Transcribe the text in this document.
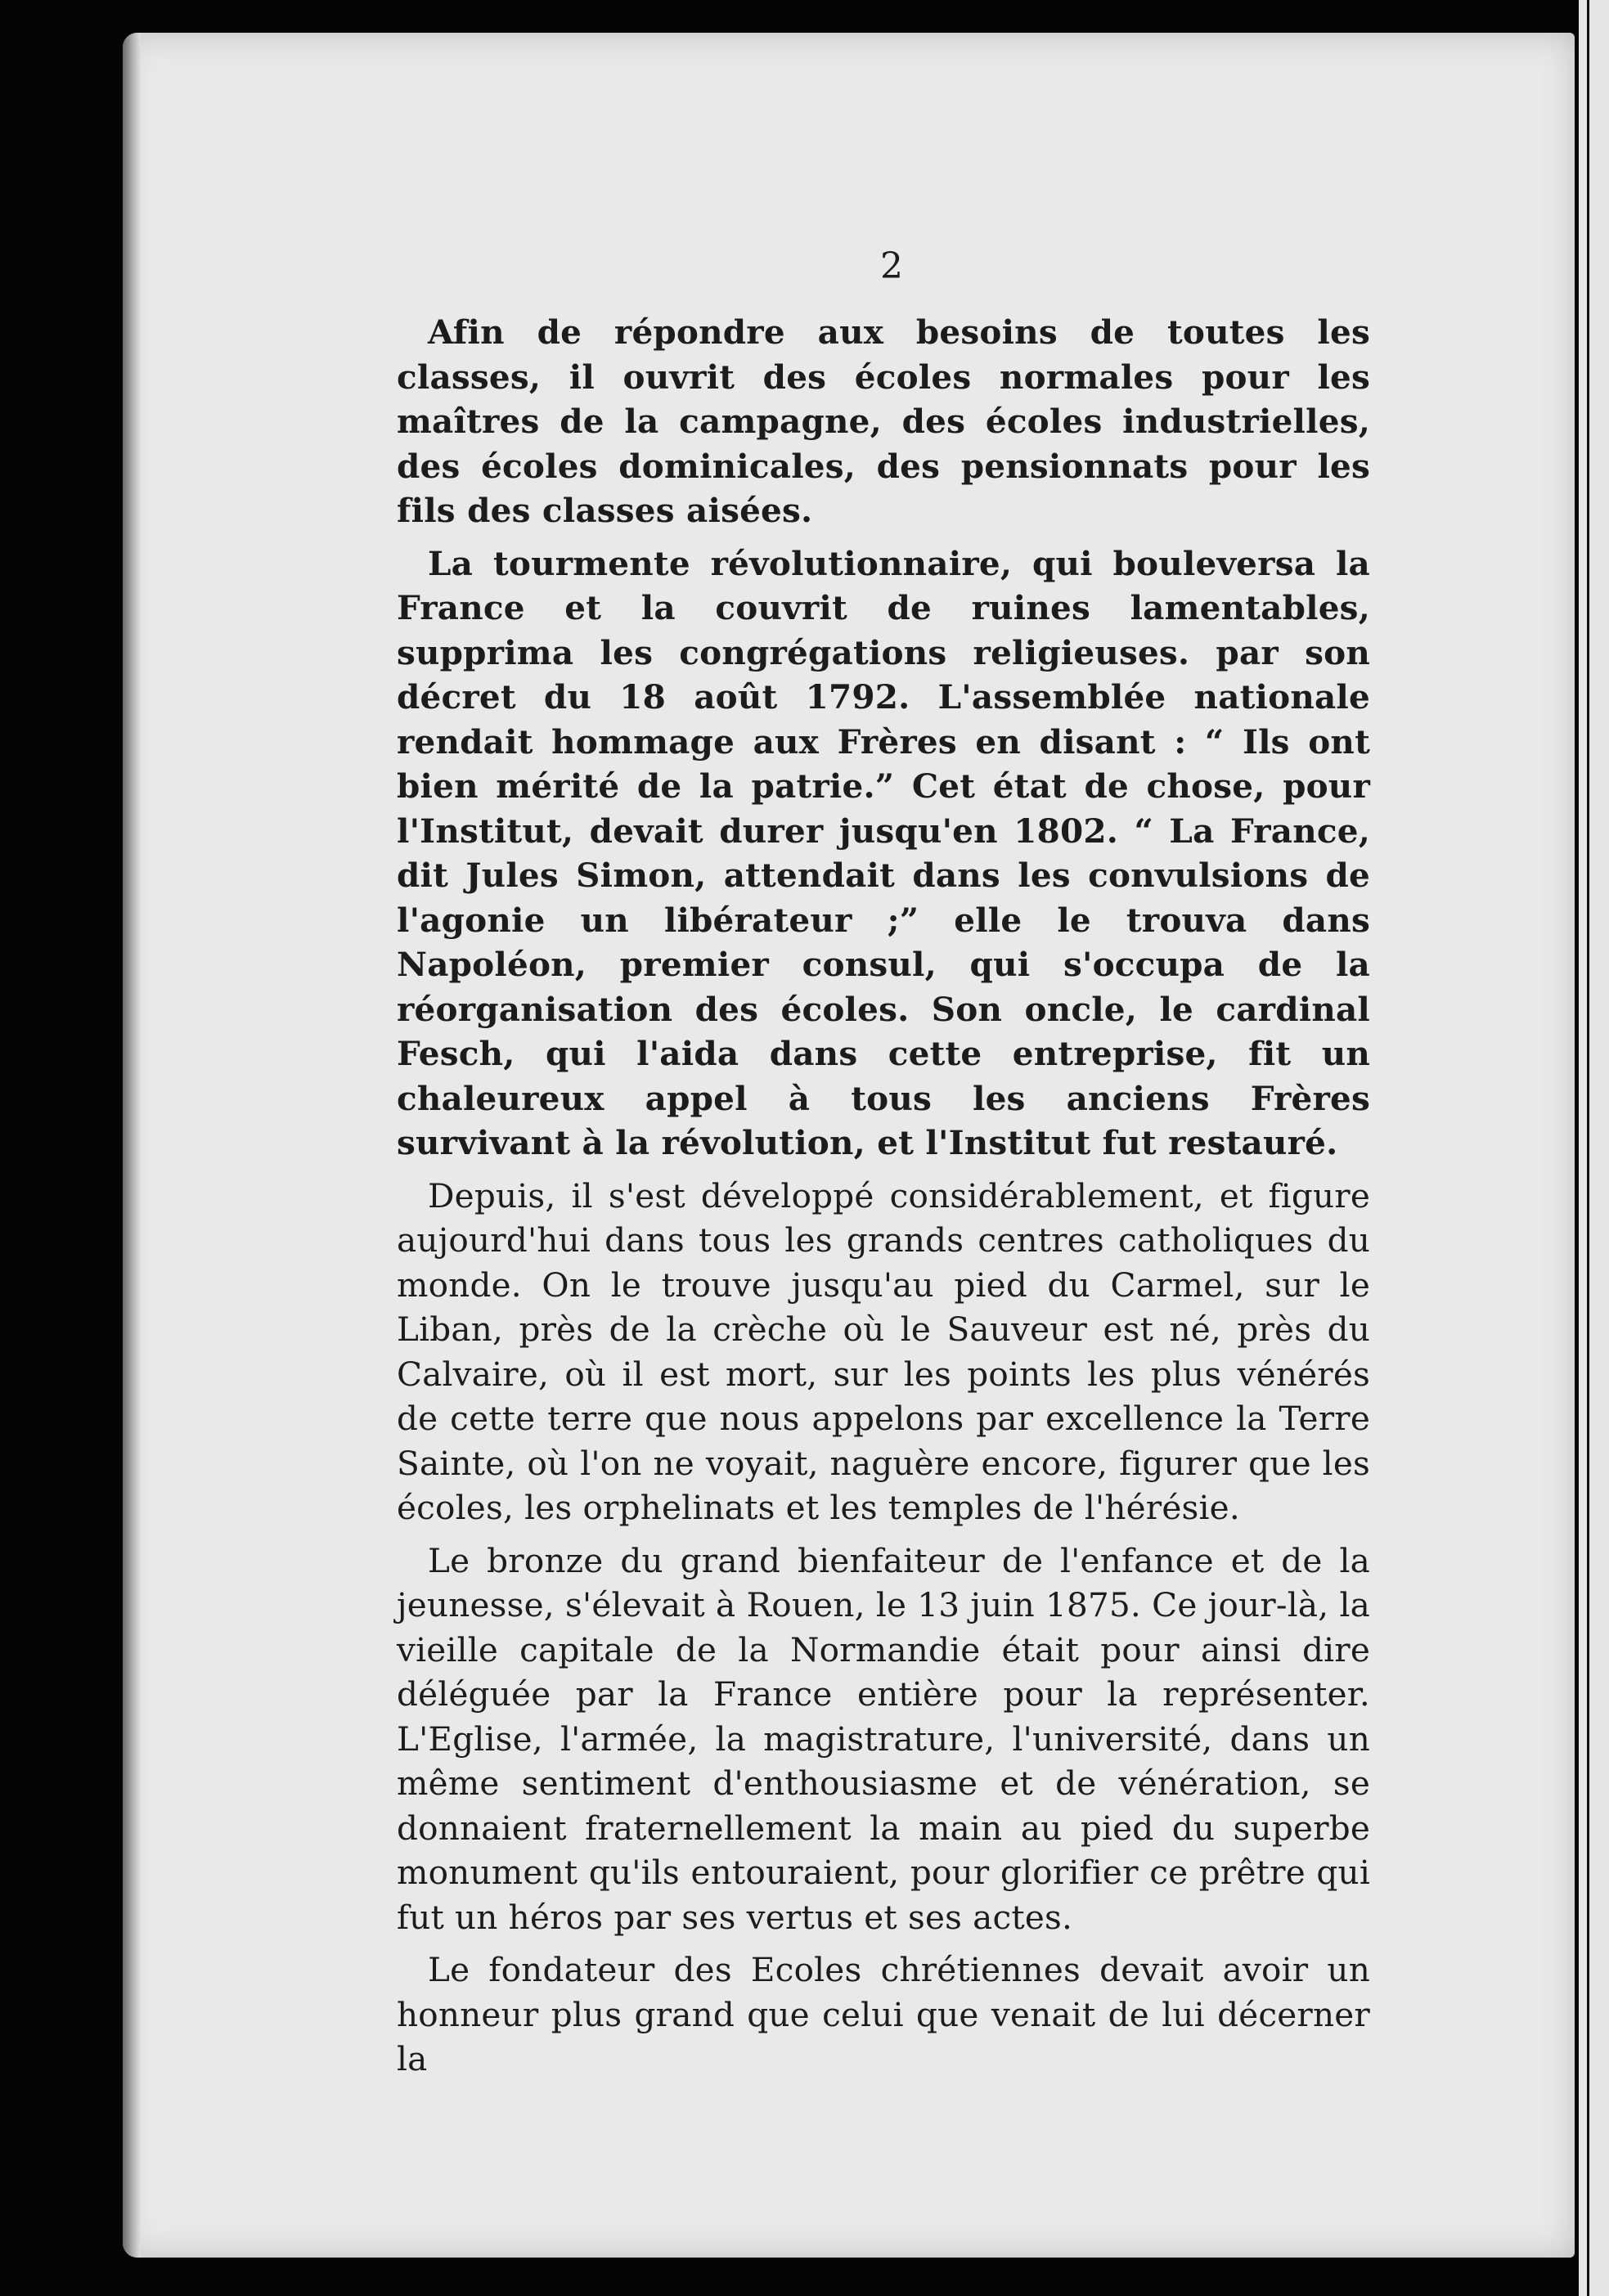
2

Afin de répondre aux besoins de toutes les classes, il ouvrit des écoles normales pour les maîtres de la campagne, des écoles industrielles, des écoles dominicales, des pensionnats pour les fils des classes aisées.

La tourmente révolutionnaire, qui bouleversa la France et la couvrit de ruines lamentables, supprima les congrégations religieuses. par son décret du 18 août 1792. L'assemblée nationale rendait hommage aux Frères en disant : “ Ils ont bien mérité de la patrie.” Cet état de chose, pour l'Institut, devait durer jusqu'en 1802. “ La France, dit Jules Simon, attendait dans les convulsions de l'agonie un libérateur ;” elle le trouva dans Napoléon, premier consul, qui s'occupa de la réorganisation des écoles. Son oncle, le cardinal Fesch, qui l'aida dans cette entreprise, fit un chaleureux appel à tous les anciens Frères survivant à la révolution, et l'Institut fut restauré.

Depuis, il s'est développé considérablement, et figure aujourd'hui dans tous les grands centres catholiques du monde. On le trouve jusqu'au pied du Carmel, sur le Liban, près de la crèche où le Sauveur est né, près du Calvaire, où il est mort, sur les points les plus vénérés de cette terre que nous appelons par excellence la Terre Sainte, où l'on ne voyait, naguère encore, figurer que les écoles, les orphelinats et les temples de l'hérésie.

Le bronze du grand bienfaiteur de l'enfance et de la jeunesse, s'élevait à Rouen, le 13 juin 1875. Ce jour-là, la vieille capitale de la Normandie était pour ainsi dire déléguée par la France entière pour la représenter. L'Eglise, l'armée, la magistrature, l'université, dans un même sentiment d'enthousiasme et de vénération, se donnaient fraternellement la main au pied du superbe monument qu'ils entouraient, pour glorifier ce prêtre qui fut un héros par ses vertus et ses actes.

Le fondateur des Ecoles chrétiennes devait avoir un honneur plus grand que celui que venait de lui décerner la
